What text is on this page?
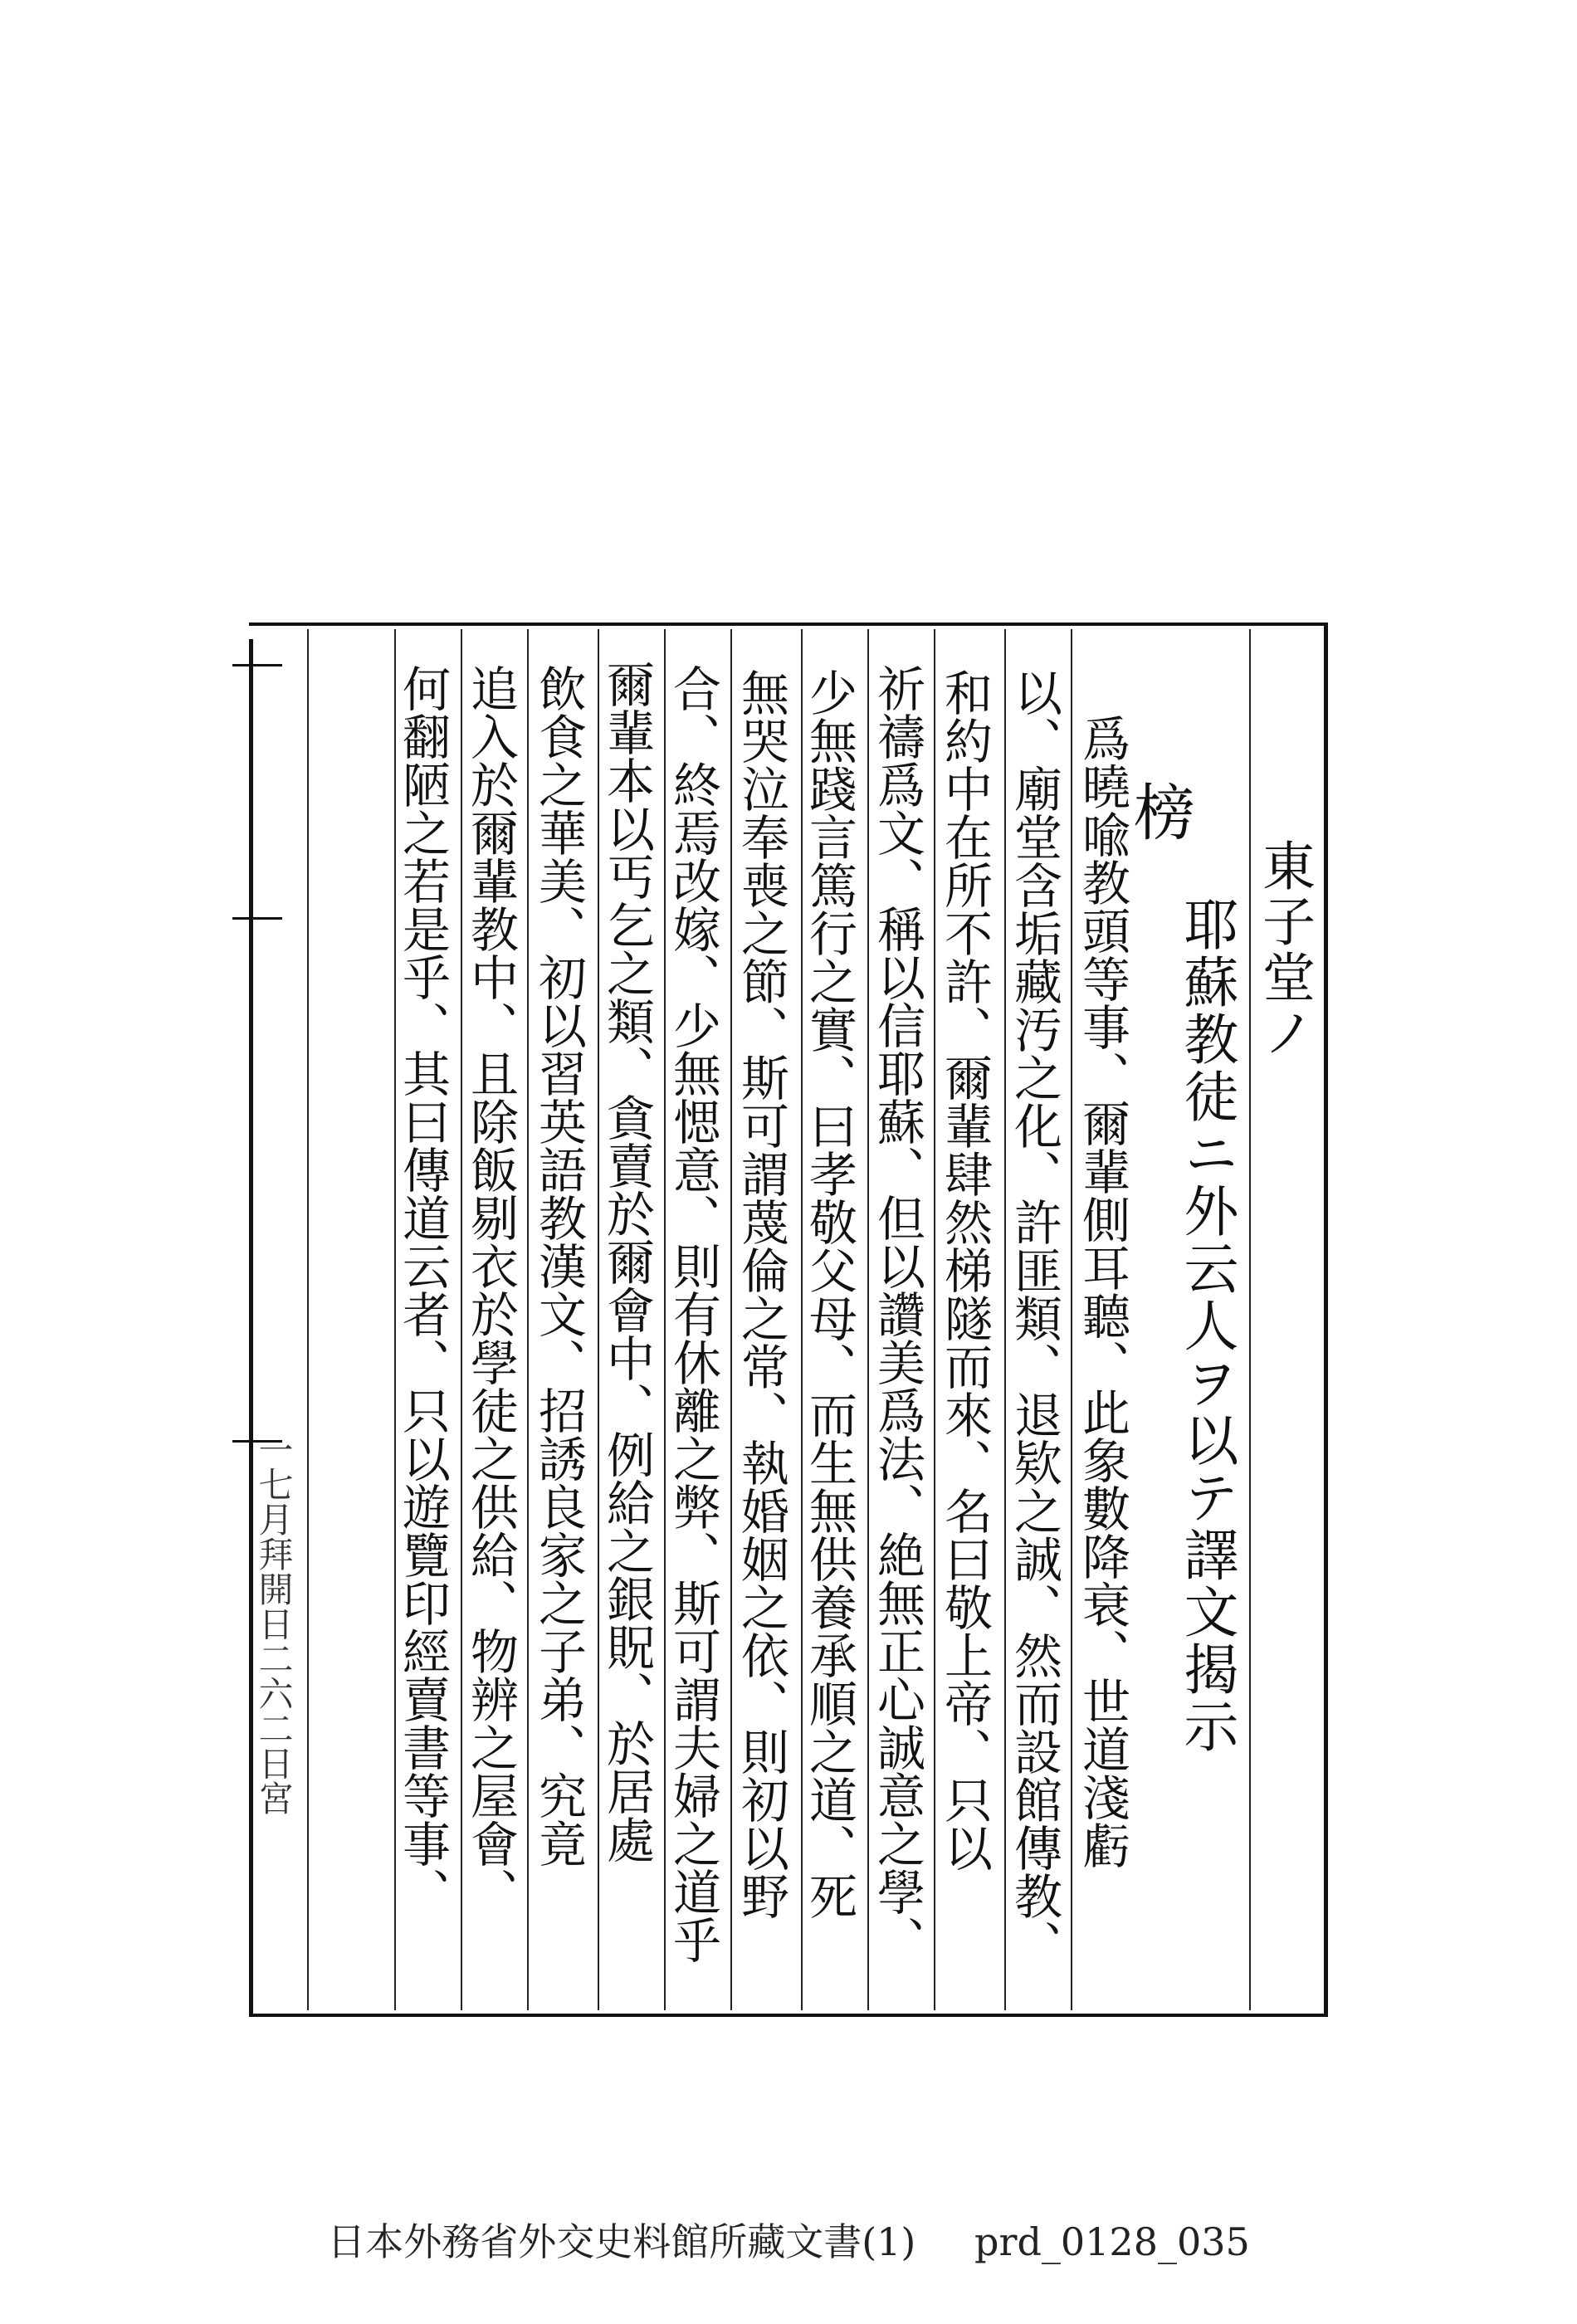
東子堂ノ
耶蘇教徒ニ外云人ヲ以テ譯文揭示
榜
爲曉喩教頭等事、爾輩側耳聽、此象數降衰、世道淺虧
以、廟堂含垢藏汚之化、許匪類、退欵之誠、然而設館傳教、
和約中在所不許、爾輩肆然梯隧而來、名曰敬上帝、只以
祈禱爲文、稱以信耶蘇、但以讚美爲法、絶無正心誠意之學、
少無踐言篤行之實、曰孝敬父母、而生無供養承順之道、死
無哭泣奉喪之節、斯可謂蔑倫之常、執婚姻之依、則初以野
合、終焉改嫁、少無愢意、則有休離之弊、斯可謂夫婦之道乎
爾輩本以丐乞之類、貪賣於爾會中、例給之銀貺、於居處
飲食之華美、初以習英語教漢文、招誘良家之子弟、究竟
追入於爾輩教中、且除飯剔衣於學徒之供給、物辨之屋會、
何翻陋之若是乎、其曰傳道云者、只以遊覽印經賣書等事、
一七月拜開日二六二日宮
日本外務省外交史料館所藏文書(1) prd_0128_035
